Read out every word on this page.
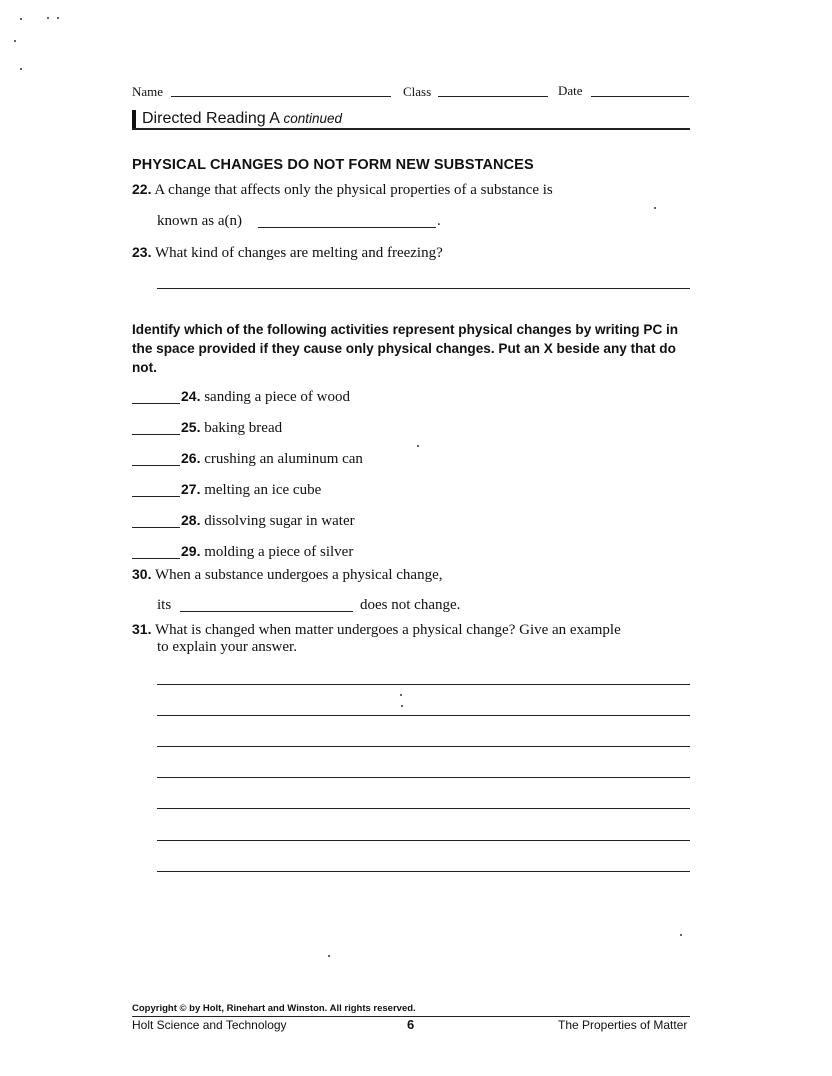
Name	Class	Date
Directed Reading A continued
PHYSICAL CHANGES DO NOT FORM NEW SUBSTANCES
22. A change that affects only the physical properties of a substance is
known as a(n)	.
23. What kind of changes are melting and freezing?
Identify which of the following activities represent physical changes by writing PC in the space provided if they cause only physical changes. Put an X beside any that do not.
24. sanding a piece of wood
25. baking bread
26. crushing an aluminum can
27. melting an ice cube
28. dissolving sugar in water
29. molding a piece of silver
30. When a substance undergoes a physical change,
its	does not change.
31. What is changed when matter undergoes a physical change? Give an example
to explain your answer.
Copyright © by Holt, Rinehart and Winston. All rights reserved.
Holt Science and Technology	6	The Properties of Matter
